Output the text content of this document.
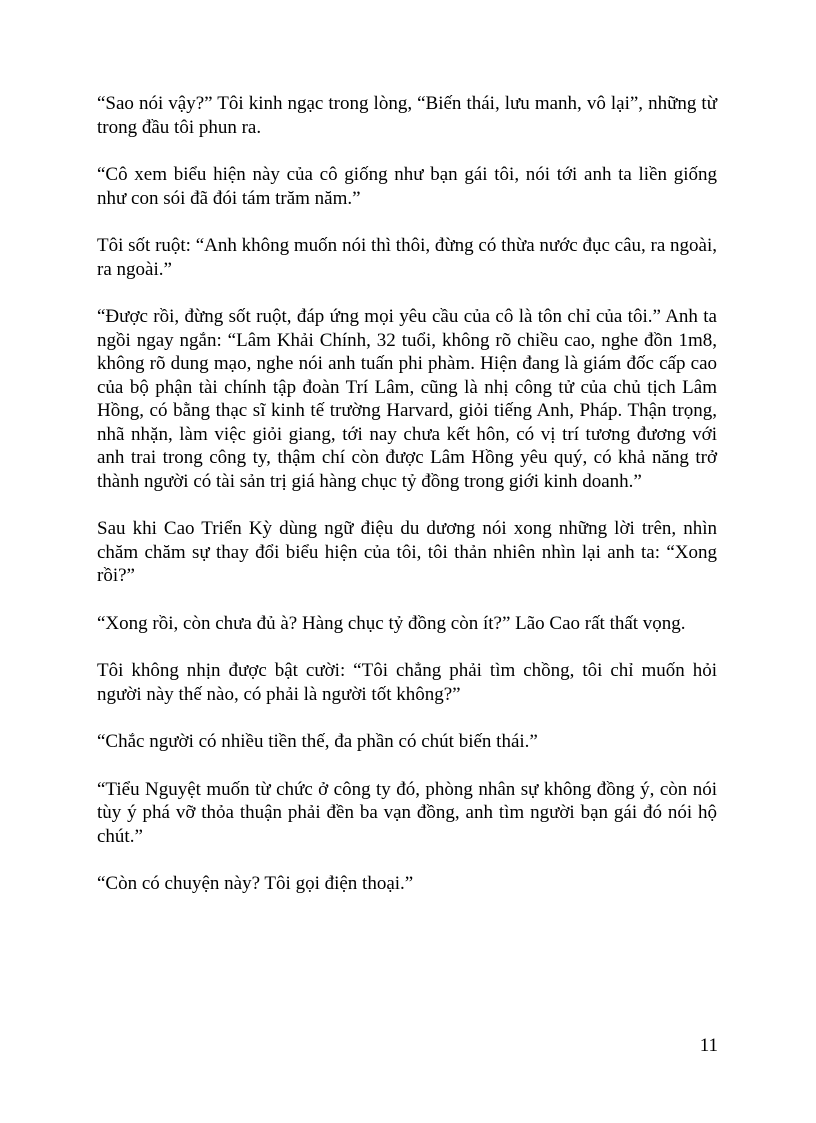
“Sao nói vậy?” Tôi kinh ngạc trong lòng, “Biến thái, lưu manh, vô lại”, những từ trong đầu tôi phun ra.

“Cô xem biểu hiện này của cô giống như bạn gái tôi, nói tới anh ta liền giống như con sói đã đói tám trăm năm.”

Tôi sốt ruột: “Anh không muốn nói thì thôi, đừng có thừa nước đục câu, ra ngoài, ra ngoài.”

“Được rồi, đừng sốt ruột, đáp ứng mọi yêu cầu của cô là tôn chỉ của tôi.” Anh ta ngồi ngay ngắn: “Lâm Khải Chính, 32 tuổi, không rõ chiều cao, nghe đồn 1m8, không rõ dung mạo, nghe nói anh tuấn phi phàm. Hiện đang là giám đốc cấp cao của bộ phận tài chính tập đoàn Trí Lâm, cũng là nhị công tử của chủ tịch Lâm Hồng, có bằng thạc sĩ kinh tế trường Harvard, giỏi tiếng Anh, Pháp. Thận trọng, nhã nhặn, làm việc giỏi giang, tới nay chưa kết hôn, có vị trí tương đương với anh trai trong công ty, thậm chí còn được Lâm Hồng yêu quý, có khả năng trở thành người có tài sản trị giá hàng chục tỷ đồng trong giới kinh doanh.”

Sau khi Cao Triển Kỳ dùng ngữ điệu du dương nói xong những lời trên, nhìn chăm chăm sự thay đổi biểu hiện của tôi, tôi thản nhiên nhìn lại anh ta: “Xong rồi?”

“Xong rồi, còn chưa đủ à? Hàng chục tỷ đồng còn ít?” Lão Cao rất thất vọng.

Tôi không nhịn được bật cười: “Tôi chẳng phải tìm chồng, tôi chỉ muốn hỏi người này thế nào, có phải là người tốt không?”

“Chắc người có nhiều tiền thế, đa phần có chút biến thái.”

“Tiểu Nguyệt muốn từ chức ở công ty đó, phòng nhân sự không đồng ý, còn nói tùy ý phá vỡ thỏa thuận phải đền ba vạn đồng, anh tìm người bạn gái đó nói hộ chút.”

“Còn có chuyện này? Tôi gọi điện thoại.”

11
